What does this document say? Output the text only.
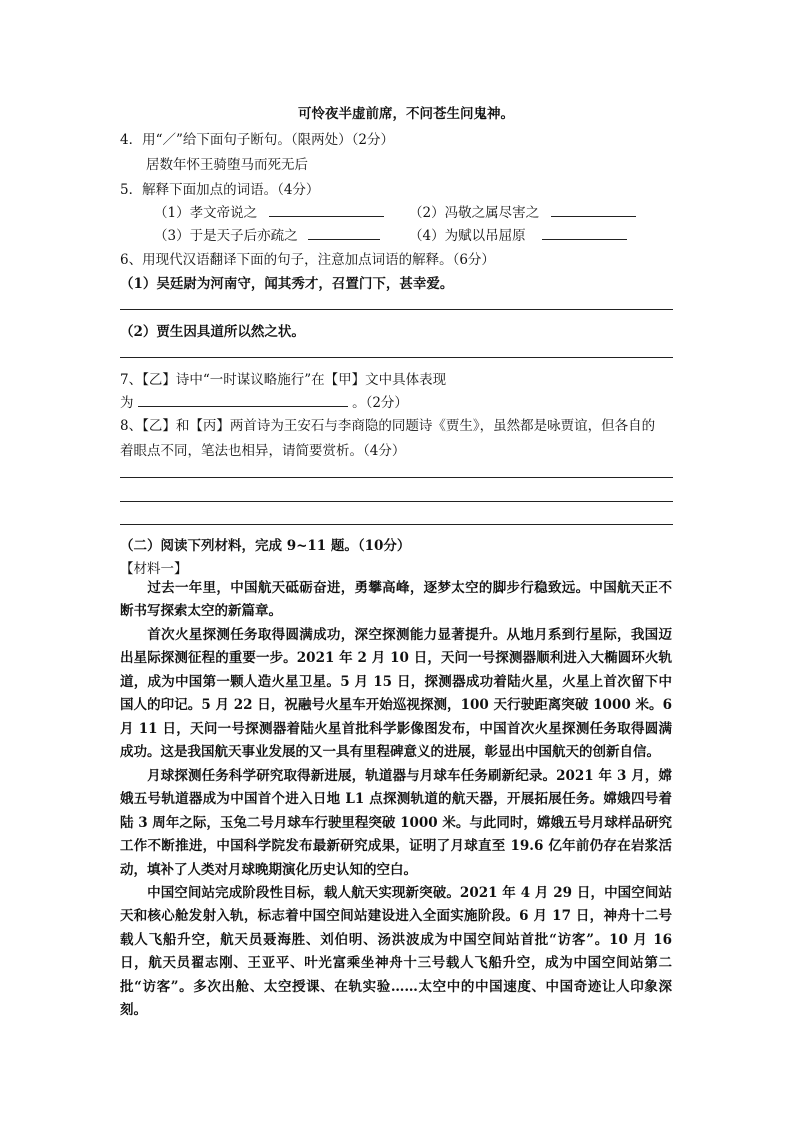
可怜夜半虚前席，不问苍生问鬼神。
4．用“／”给下面句子断句。（限两处）（2分）
居数年怀王骑堕马而死无后
5．解释下面加点的词语。（4分）
（1）孝文帝说之	（2）冯敬之属尽害之
（3）于是天子后亦疏之	（4）为赋以吊屈原
6、用现代汉语翻译下面的句子，注意加点词语的解释。（6分）
（1）吴廷尉为河南守，闻其秀才，召置门下，甚幸爱。
（2）贾生因具道所以然之状。
7、【乙】诗中“一时谋议略施行”在【甲】文中具体表现
为	。（2分）
8、【乙】和【丙】两首诗为王安石与李商隐的同题诗《贾生》，虽然都是咏贾谊，但各自的
着眼点不同，笔法也相异，请简要赏析。（4分）
（二）阅读下列材料，完成 9~11 题。（10分）
【材料一】
过去一年里，中国航天砥砺奋进，勇攀高峰，逐梦太空的脚步行稳致远。中国航天正不断书写探索太空的新篇章。
首次火星探测任务取得圆满成功，深空探测能力显著提升。从地月系到行星际，我国迈出星际探测征程的重要一步。2021 年 2 月 10 日，天问一号探测器顺利进入大椭圆环火轨道，成为中国第一颗人造火星卫星。5 月 15 日，探测器成功着陆火星，火星上首次留下中国人的印记。5 月 22 日，祝融号火星车开始巡视探测，100 天行驶距离突破 1000 米。6 月 11 日，天问一号探测器着陆火星首批科学影像图发布，中国首次火星探测任务取得圆满成功。这是我国航天事业发展的又一具有里程碑意义的进展，彰显出中国航天的创新自信。
月球探测任务科学研究取得新进展，轨道器与月球车任务刷新纪录。2021 年 3 月，嫦娥五号轨道器成为中国首个进入日地 L1 点探测轨道的航天器，开展拓展任务。嫦娥四号着陆 3 周年之际，玉兔二号月球车行驶里程突破 1000 米。与此同时，嫦娥五号月球样品研究工作不断推进，中国科学院发布最新研究成果，证明了月球直至 19.6 亿年前仍存在岩浆活动，填补了人类对月球晚期演化历史认知的空白。
中国空间站完成阶段性目标，载人航天实现新突破。2021 年 4 月 29 日，中国空间站天和核心舱发射入轨，标志着中国空间站建设进入全面实施阶段。6 月 17 日，神舟十二号载人飞船升空，航天员聂海胜、刘伯明、汤洪波成为中国空间站首批“访客”。10 月 16 日，航天员翟志刚、王亚平、叶光富乘坐神舟十三号载人飞船升空，成为中国空间站第二批“访客”。多次出舱、太空授课、在轨实验……太空中的中国速度、中国奇迹让人印象深刻。
